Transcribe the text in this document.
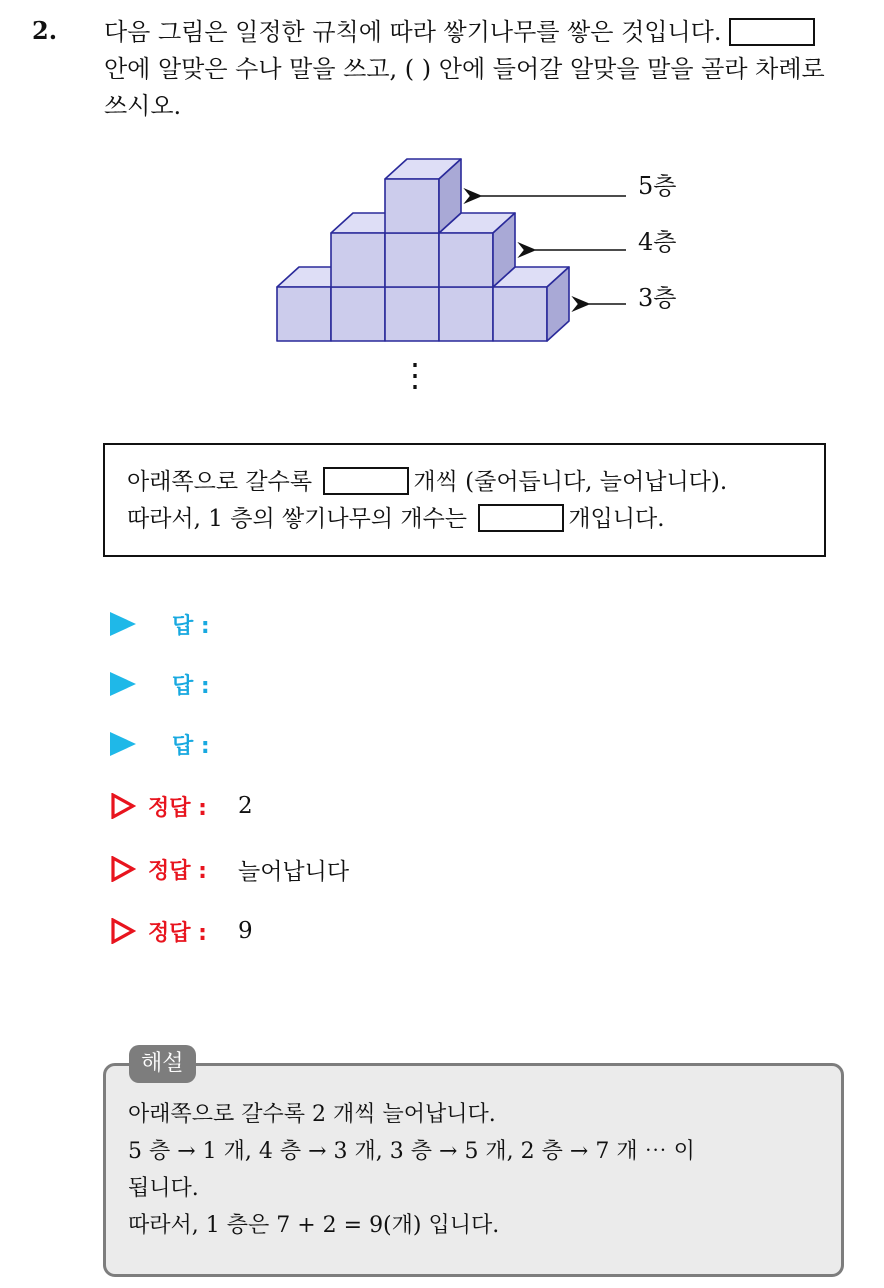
2. 다음 그림은 일정한 규칙에 따라 쌓기나무를 쌓은 것입니다.
안에 알맞은 수나 말을 쓰고, ( ) 안에 들어갈 알맞을 말을 골라 차례로
쓰시오.
5층
4층
3층
⋮
아래쪽으로 갈수록	개씩 (줄어듭니다, 늘어납니다).
따라서, 1 층의 쌓기나무의 개수는	개입니다.
답 :
답 :
답 :
정답 :	2
정답 :	늘어납니다
정답 :	9
해설
아래쪽으로 갈수록 2 개씩 늘어납니다.
5 층 → 1 개, 4 층 → 3 개, 3 층 → 5 개, 2 층 → 7 개 ⋯ 이
됩니다.
따라서, 1 층은 7 + 2 = 9(개) 입니다.
